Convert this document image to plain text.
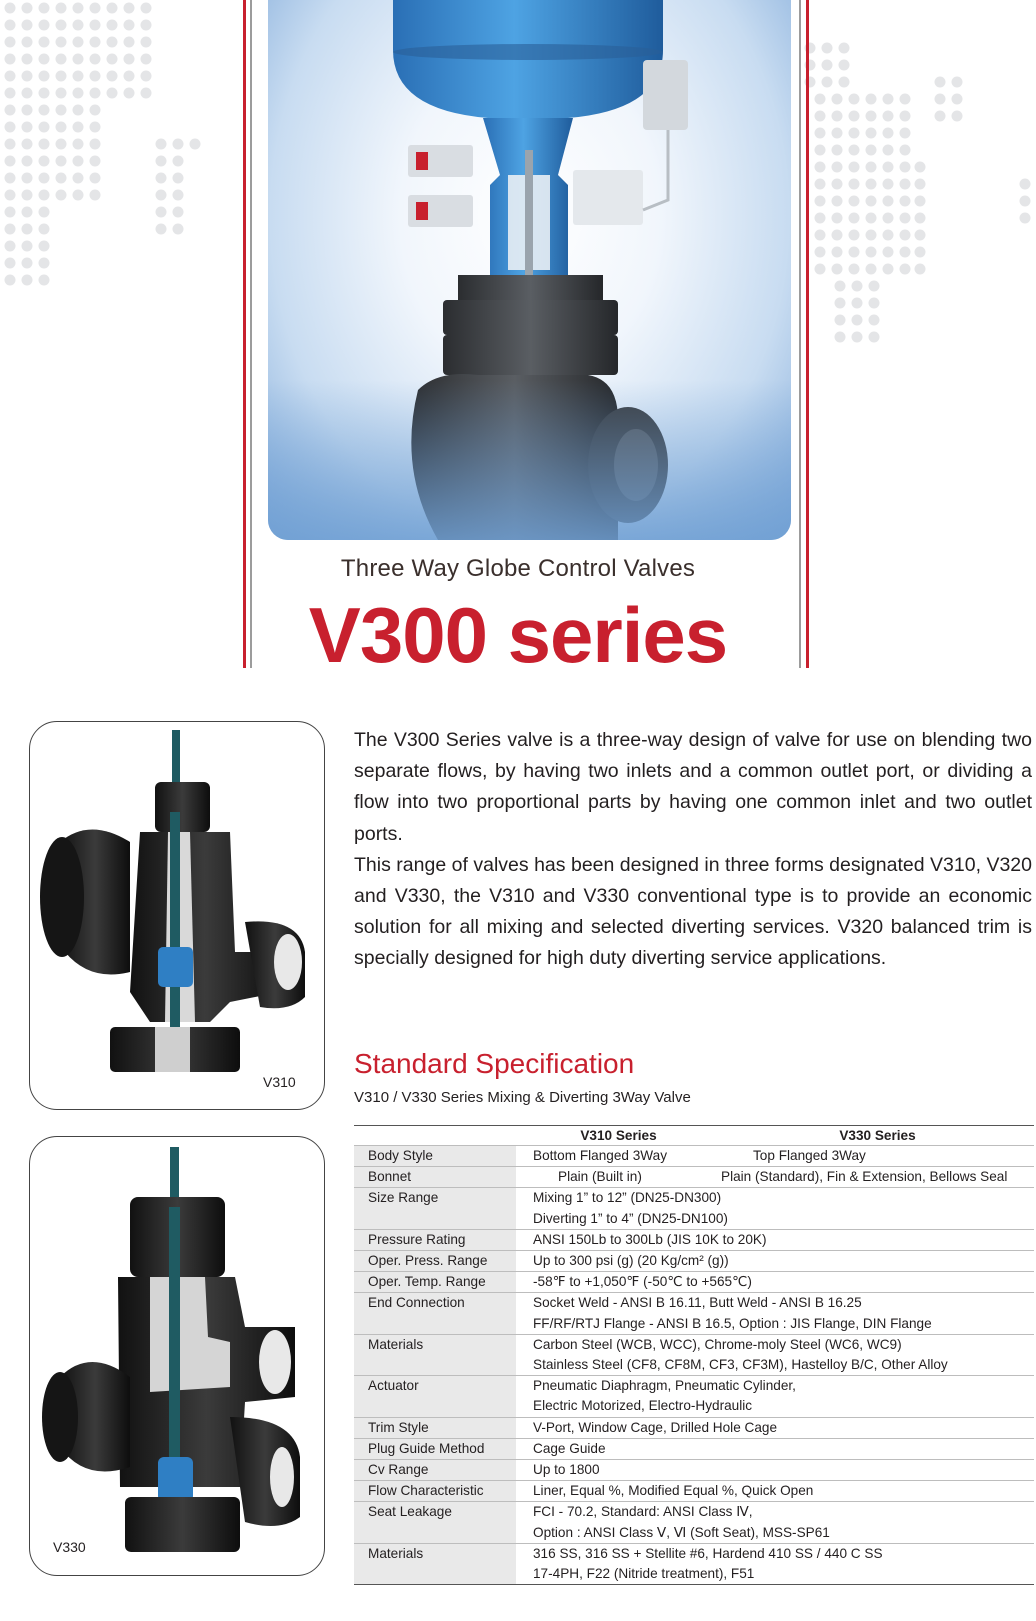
Three Way Globe Control Valves
V300 series
V310
V330

The V300 Series valve is a three-way design of valve for use on blending two separate flows, by having two inlets and a common outlet port, or dividing a flow into two proportional parts by having one common inlet and two outlet ports.

This range of valves has been designed in three forms designated V310, V320 and V330, the V310 and V330 conventional type is to provide an economic solution for all mixing and selected diverting services. V320 balanced trim is specially designed for high duty diverting service applications.

Standard Specification
V310 / V330 Series Mixing & Diverting 3Way Valve
	V310 Series	V330 Series
Body Style	Bottom Flanged 3Way	Top Flanged 3Way
Bonnet	Plain (Built in)	Plain (Standard), Fin & Extension, Bellows Seal
Size Range	Mixing 1” to 12” (DN25-DN300)
Diverting 1” to 4” (DN25-DN100)	

Pressure Rating	ANSI 150Lb to 300Lb (JIS 10K to 20K)	

Oper. Press. Range	Up to 300 psi (g) (20 Kg/cm² (g))	

Oper. Temp. Range	-58℉ to +1,050℉ (-50℃ to +565℃)	

End Connection	Socket Weld - ANSI B 16.11, Butt Weld - ANSI B 16.25
FF/RF/RTJ Flange - ANSI B 16.5, Option : JIS Flange, DIN Flange	

Materials	Carbon Steel (WCB, WCC), Chrome-moly Steel (WC6, WC9)
Stainless Steel (CF8, CF8M, CF3, CF3M), Hastelloy B/C, Other Alloy	

Actuator	Pneumatic Diaphragm, Pneumatic Cylinder,
Electric Motorized, Electro-Hydraulic	

Trim Style	V-Port, Window Cage, Drilled Hole Cage	

Plug Guide Method	Cage Guide	

Cv Range	Up to 1800	

Flow Characteristic	Liner, Equal %, Modified Equal %, Quick Open	

Seat Leakage	FCI - 70.2, Standard: ANSI Class Ⅳ,
Option : ANSI Class Ⅴ, Ⅵ (Soft Seat), MSS-SP61	

Materials	316 SS, 316 SS + Stellite #6, Hardend 410 SS / 440 C SS
17-4PH, F22 (Nitride treatment), F51	
